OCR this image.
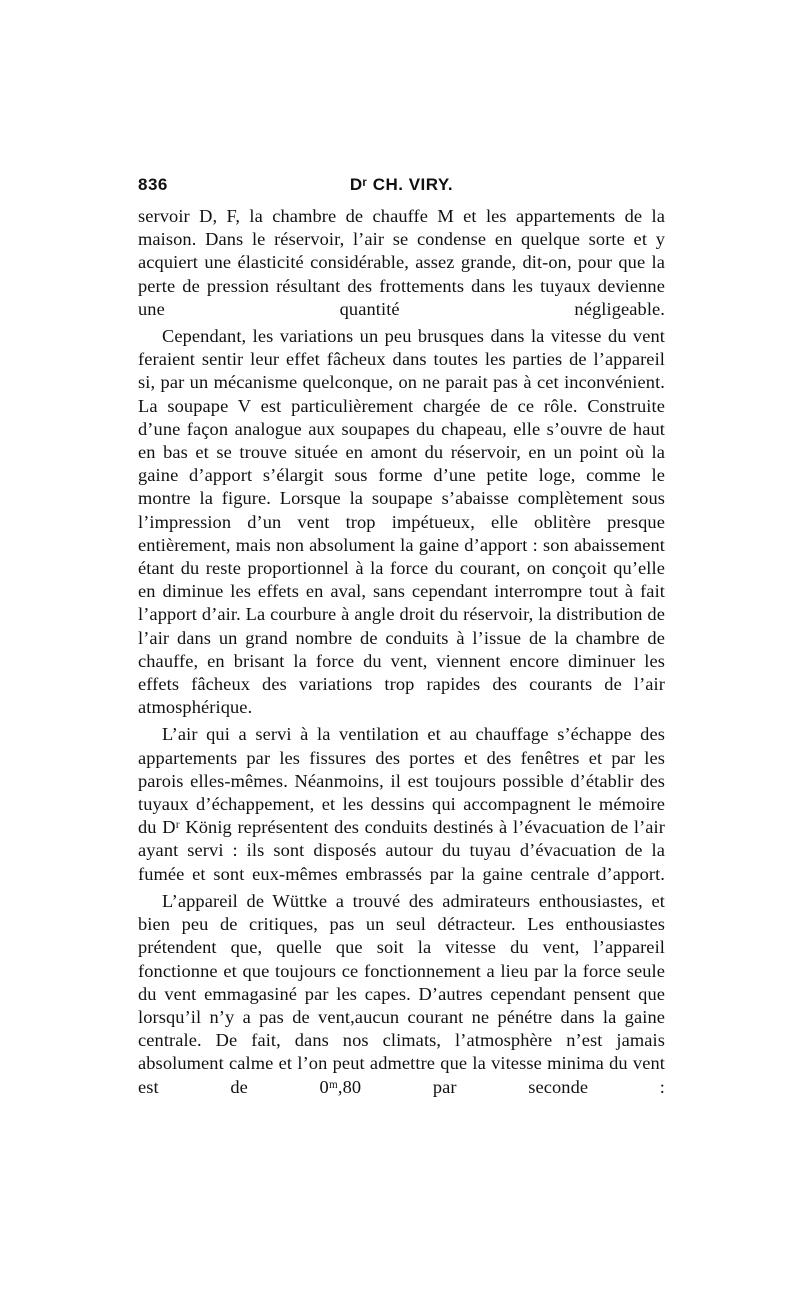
836	Dʳ CH. VIRY.

servoir D, F, la chambre de chauffe M et les appartements de la maison. Dans le réservoir, l’air se condense en quelque sorte et y acquiert une élasticité considérable, assez grande, dit-on, pour que la perte de pression résultant des frottements dans les tuyaux devienne une quantité négligeable.

Cependant, les variations un peu brusques dans la vitesse du vent feraient sentir leur effet fâcheux dans toutes les parties de l’appareil si, par un mécanisme quelconque, on ne parait pas à cet inconvénient. La soupape V est particulièrement chargée de ce rôle. Construite d’une façon analogue aux soupapes du chapeau, elle s’ouvre de haut en bas et se trouve située en amont du réservoir, en un point où la gaine d’apport s’élargit sous forme d’une petite loge, comme le montre la figure. Lorsque la soupape s’abaisse complètement sous l’impression d’un vent trop impétueux, elle oblitère presque entièrement, mais non absolument la gaine d’apport : son abaissement étant du reste proportionnel à la force du courant, on conçoit qu’elle en diminue les effets en aval, sans cependant interrompre tout à fait l’apport d’air. La courbure à angle droit du réservoir, la distribution de l’air dans un grand nombre de conduits à l’issue de la chambre de chauffe, en brisant la force du vent, viennent encore diminuer les effets fâcheux des variations trop rapides des courants de l’air atmosphérique.

L’air qui a servi à la ventilation et au chauffage s’échappe des appartements par les fissures des portes et des fenêtres et par les parois elles-mêmes. Néanmoins, il est toujours possible d’établir des tuyaux d’échappement, et les dessins qui accompagnent le mémoire du Dʳ König représentent des conduits destinés à l’évacuation de l’air ayant servi : ils sont disposés autour du tuyau d’évacuation de la fumée et sont eux-mêmes embrassés par la gaine centrale d’apport.

L’appareil de Wüttke a trouvé des admirateurs enthousiastes, et bien peu de critiques, pas un seul détracteur. Les enthousiastes prétendent que, quelle que soit la vitesse du vent, l’appareil fonctionne et que toujours ce fonctionnement a lieu par la force seule du vent emmagasiné par les capes. D’autres cependant pensent que lorsqu’il n’y a pas de vent,aucun courant ne pénétre dans la gaine centrale. De fait, dans nos climats, l’atmosphère n’est jamais absolument calme et l’on peut admettre que la vitesse minima du vent est de 0ᵐ,80 par seconde :
